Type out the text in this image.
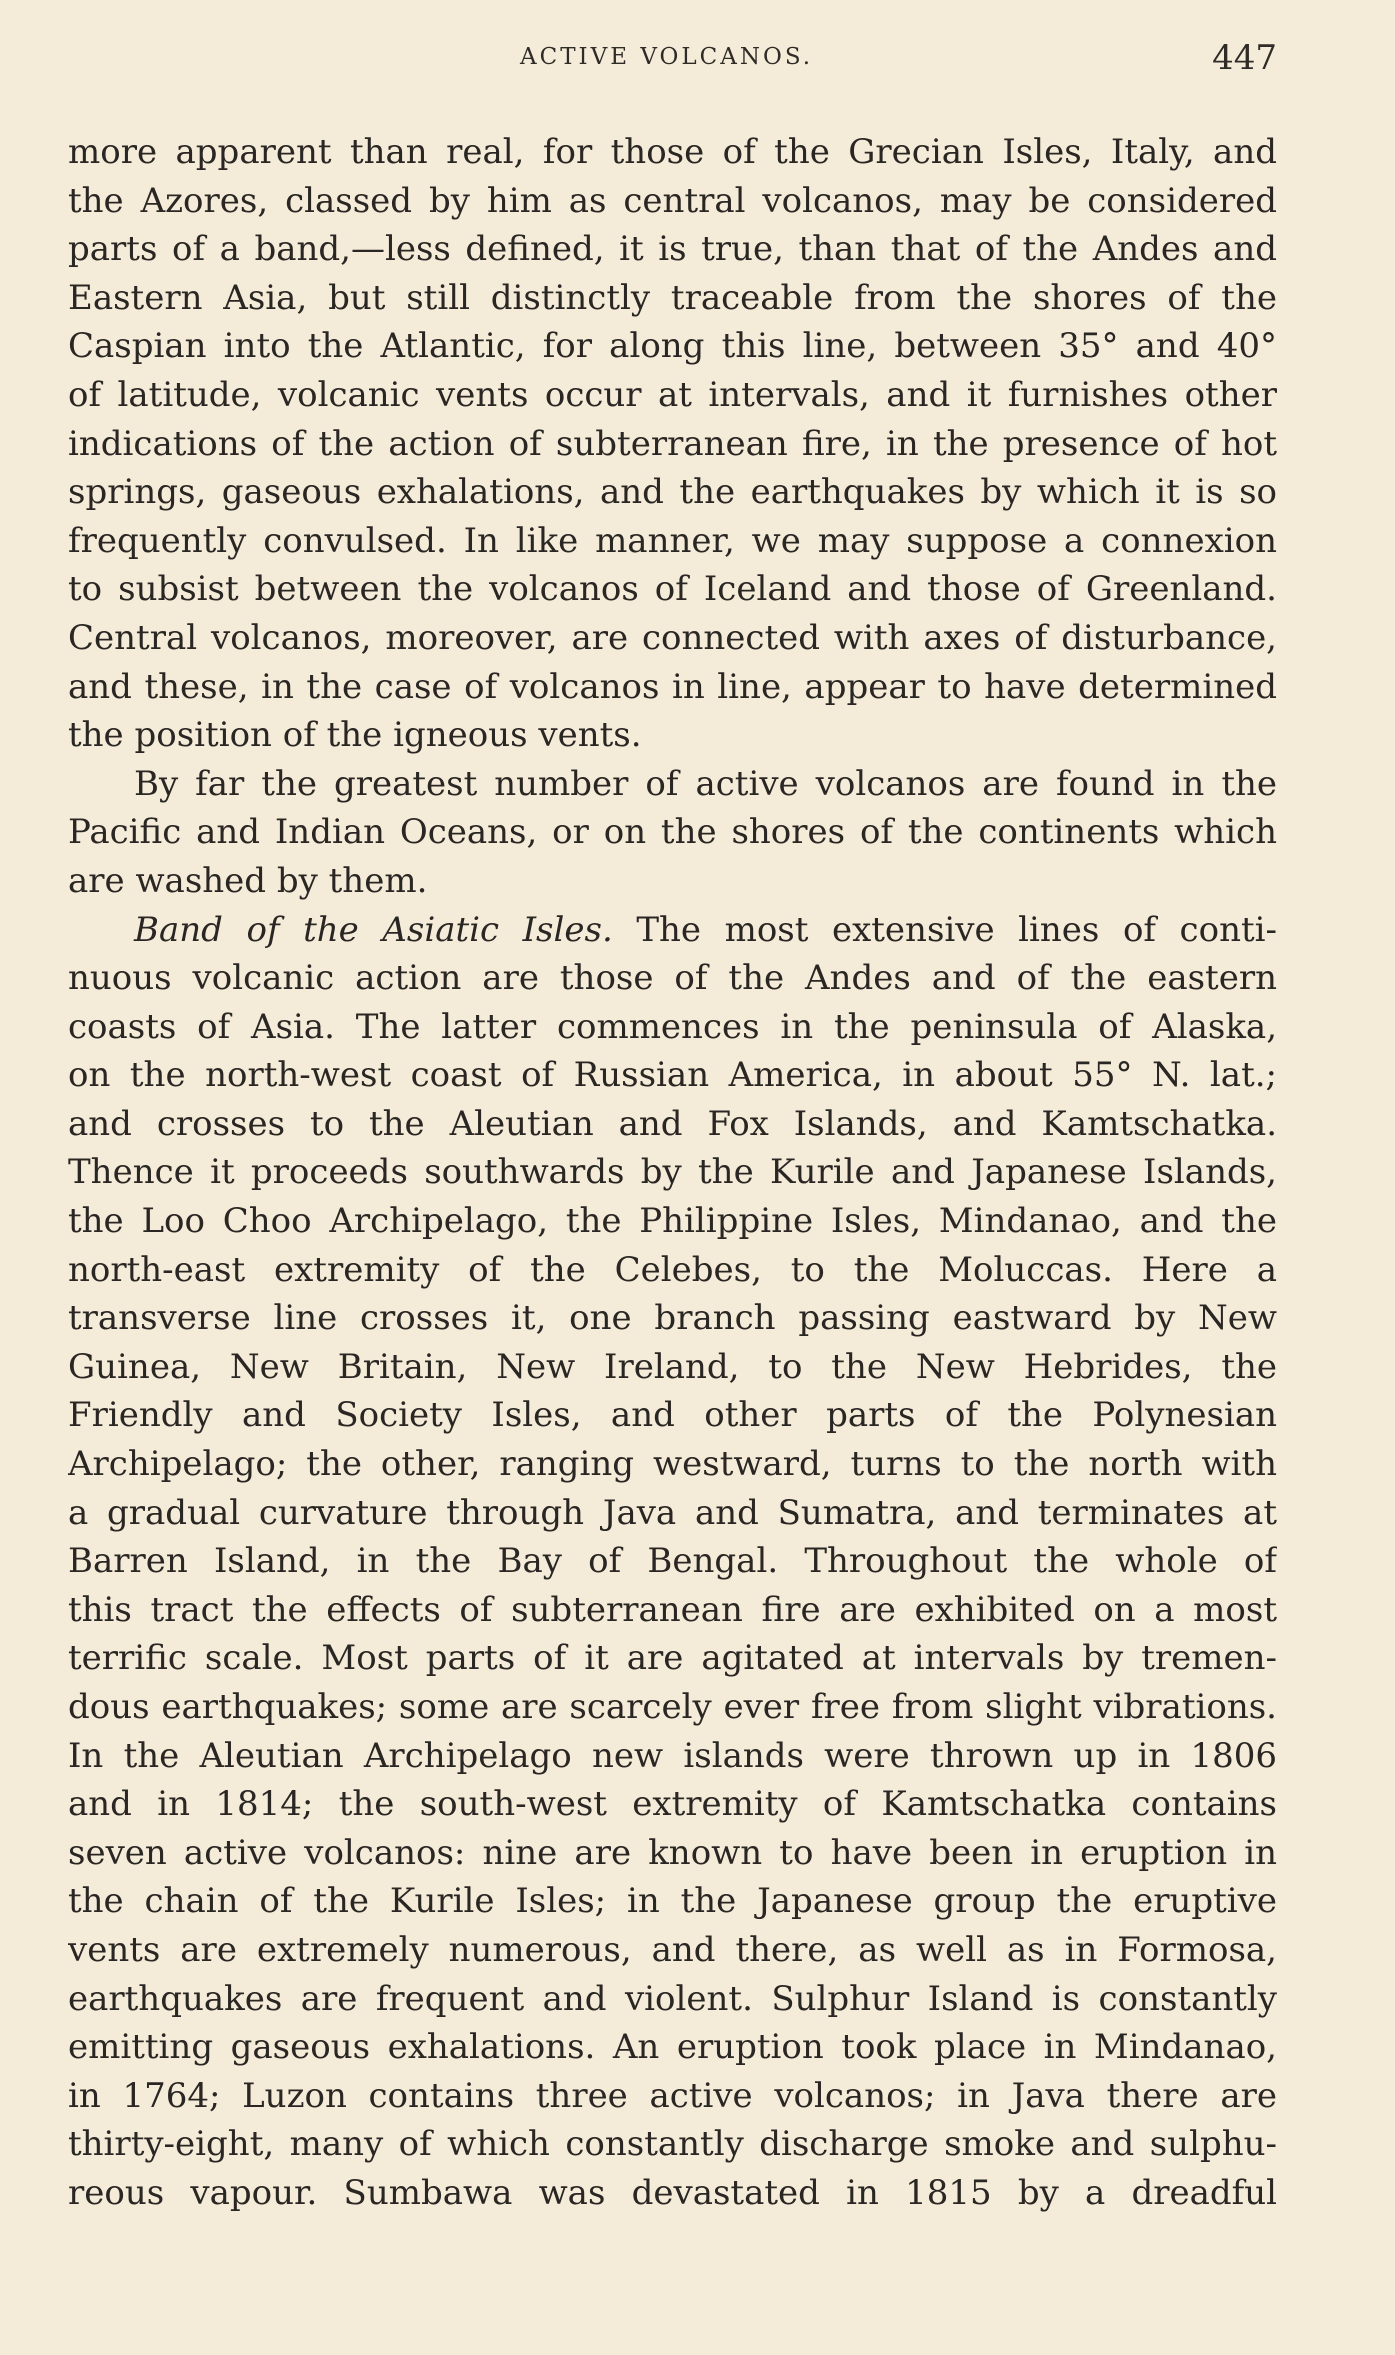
ACTIVE VOLCANOS.	447
more apparent than real, for those of the Grecian Isles, Italy, and
the Azores, classed by him as central volcanos, may be considered
parts of a band,—less defined, it is true, than that of the Andes and
Eastern Asia, but still distinctly traceable from the shores of the
Caspian into the Atlantic, for along this line, between 35° and 40°
of latitude, volcanic vents occur at intervals, and it furnishes other
indications of the action of subterranean fire, in the presence of hot
springs, gaseous exhalations, and the earthquakes by which it is so
frequently convulsed. In like manner, we may suppose a connexion
to subsist between the volcanos of Iceland and those of Greenland.
Central volcanos, moreover, are connected with axes of disturbance,
and these, in the case of volcanos in line, appear to have determined
the position of the igneous vents.
By far the greatest number of active volcanos are found in the
Pacific and Indian Oceans, or on the shores of the continents which
are washed by them.
Band of the Asiatic Isles. The most extensive lines of conti-
nuous volcanic action are those of the Andes and of the eastern
coasts of Asia. The latter commences in the peninsula of Alaska,
on the north-west coast of Russian America, in about 55° N. lat.;
and crosses to the Aleutian and Fox Islands, and Kamtschatka.
Thence it proceeds southwards by the Kurile and Japanese Islands,
the Loo Choo Archipelago, the Philippine Isles, Mindanao, and the
north-east extremity of the Celebes, to the Moluccas. Here a
transverse line crosses it, one branch passing eastward by New
Guinea, New Britain, New Ireland, to the New Hebrides, the
Friendly and Society Isles, and other parts of the Polynesian
Archipelago; the other, ranging westward, turns to the north with
a gradual curvature through Java and Sumatra, and terminates at
Barren Island, in the Bay of Bengal. Throughout the whole of
this tract the effects of subterranean fire are exhibited on a most
terrific scale. Most parts of it are agitated at intervals by tremen-
dous earthquakes; some are scarcely ever free from slight vibrations.
In the Aleutian Archipelago new islands were thrown up in 1806
and in 1814; the south-west extremity of Kamtschatka contains
seven active volcanos: nine are known to have been in eruption in
the chain of the Kurile Isles; in the Japanese group the eruptive
vents are extremely numerous, and there, as well as in Formosa,
earthquakes are frequent and violent. Sulphur Island is constantly
emitting gaseous exhalations. An eruption took place in Mindanao,
in 1764; Luzon contains three active volcanos; in Java there are
thirty-eight, many of which constantly discharge smoke and sulphu-
reous vapour. Sumbawa was devastated in 1815 by a dreadful
